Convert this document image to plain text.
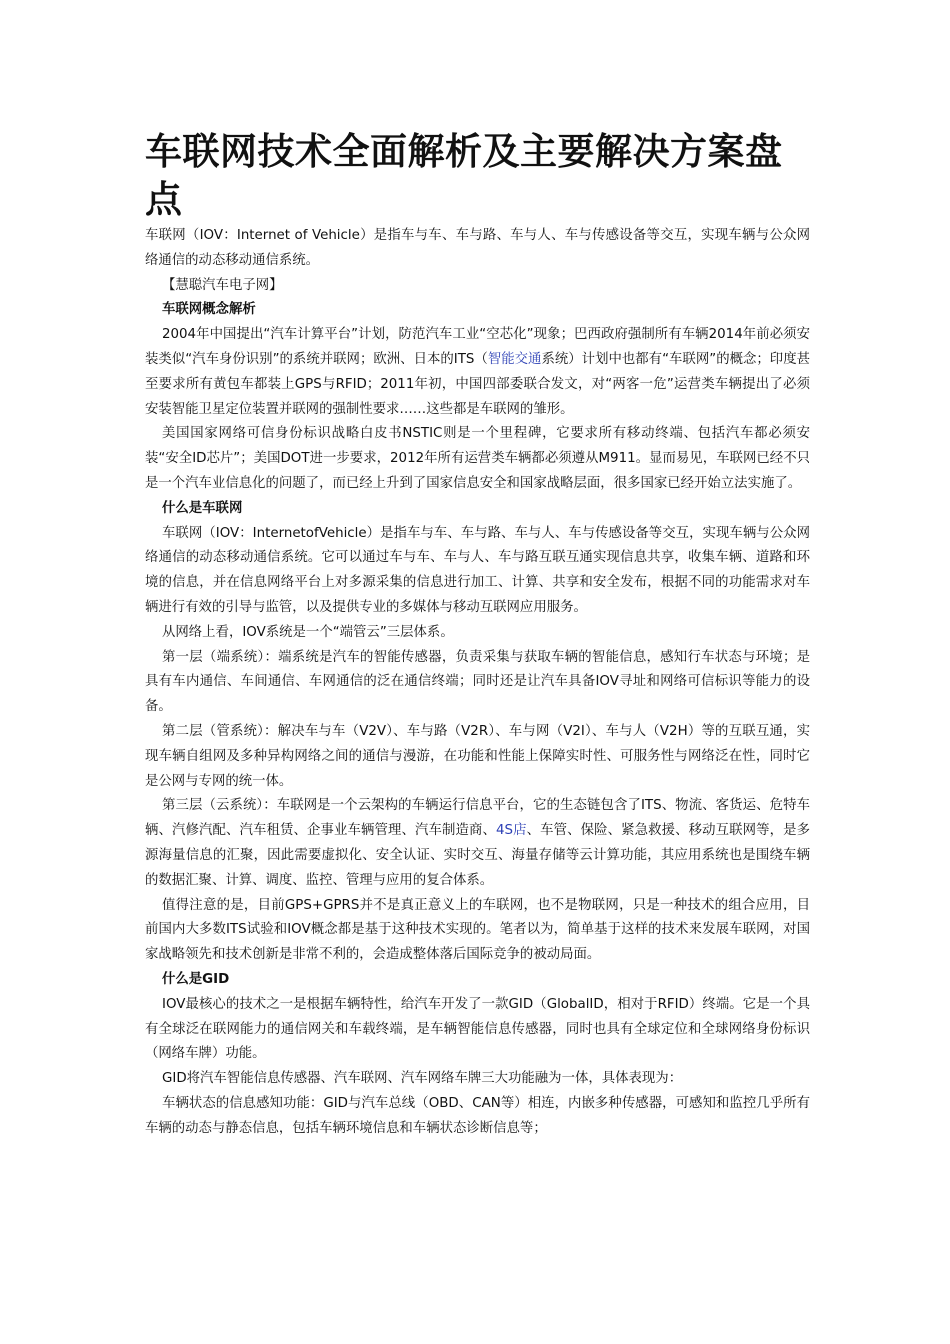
车联网技术全面解析及主要解决方案盘点

车联网（IOV：Internet of Vehicle）是指车与车、车与路、车与人、车与传感设备等交互，实现车辆与公众网络通信的动态移动通信系统。

【慧聪汽车电子网】

车联网概念解析

2004年中国提出“汽车计算平台”计划，防范汽车工业“空芯化”现象；巴西政府强制所有车辆2014年前必须安装类似“汽车身份识别”的系统并联网；欧洲、日本的ITS（智能交通系统）计划中也都有“车联网”的概念；印度甚至要求所有黄包车都装上GPS与RFID；2011年初，中国四部委联合发文，对“两客一危”运营类车辆提出了必须安装智能卫星定位装置并联网的强制性要求……这些都是车联网的雏形。

美国国家网络可信身份标识战略白皮书NSTIC则是一个里程碑，它要求所有移动终端、包括汽车都必须安装“安全ID芯片”；美国DOT进一步要求，2012年所有运营类车辆都必须遵从M911。显而易见，车联网已经不只是一个汽车业信息化的问题了，而已经上升到了国家信息安全和国家战略层面，很多国家已经开始立法实施了。

什么是车联网

车联网（IOV：InternetofVehicle）是指车与车、车与路、车与人、车与传感设备等交互，实现车辆与公众网络通信的动态移动通信系统。它可以通过车与车、车与人、车与路互联互通实现信息共享，收集车辆、道路和环境的信息，并在信息网络平台上对多源采集的信息进行加工、计算、共享和安全发布，根据不同的功能需求对车辆进行有效的引导与监管，以及提供专业的多媒体与移动互联网应用服务。

从网络上看，IOV系统是一个“端管云”三层体系。

第一层（端系统）：端系统是汽车的智能传感器，负责采集与获取车辆的智能信息，感知行车状态与环境；是具有车内通信、车间通信、车网通信的泛在通信终端；同时还是让汽车具备IOV寻址和网络可信标识等能力的设备。

第二层（管系统）：解决车与车（V2V）、车与路（V2R）、车与网（V2I）、车与人（V2H）等的互联互通，实现车辆自组网及多种异构网络之间的通信与漫游，在功能和性能上保障实时性、可服务性与网络泛在性，同时它是公网与专网的统一体。

第三层（云系统）：车联网是一个云架构的车辆运行信息平台，它的生态链包含了ITS、物流、客货运、危特车辆、汽修汽配、汽车租赁、企事业车辆管理、汽车制造商、4S店、车管、保险、紧急救援、移动互联网等，是多源海量信息的汇聚，因此需要虚拟化、安全认证、实时交互、海量存储等云计算功能，其应用系统也是围绕车辆的数据汇聚、计算、调度、监控、管理与应用的复合体系。

值得注意的是，目前GPS+GPRS并不是真正意义上的车联网，也不是物联网，只是一种技术的组合应用，目前国内大多数ITS试验和IOV概念都是基于这种技术实现的。笔者以为，简单基于这样的技术来发展车联网，对国家战略领先和技术创新是非常不利的，会造成整体落后国际竞争的被动局面。

什么是GID

IOV最核心的技术之一是根据车辆特性，给汽车开发了一款GID（GlobalID，相对于RFID）终端。它是一个具有全球泛在联网能力的通信网关和车载终端，是车辆智能信息传感器，同时也具有全球定位和全球网络身份标识（网络车牌）功能。

GID将汽车智能信息传感器、汽车联网、汽车网络车牌三大功能融为一体，具体表现为：

车辆状态的信息感知功能：GID与汽车总线（OBD、CAN等）相连，内嵌多种传感器，可感知和监控几乎所有车辆的动态与静态信息，包括车辆环境信息和车辆状态诊断信息等；
